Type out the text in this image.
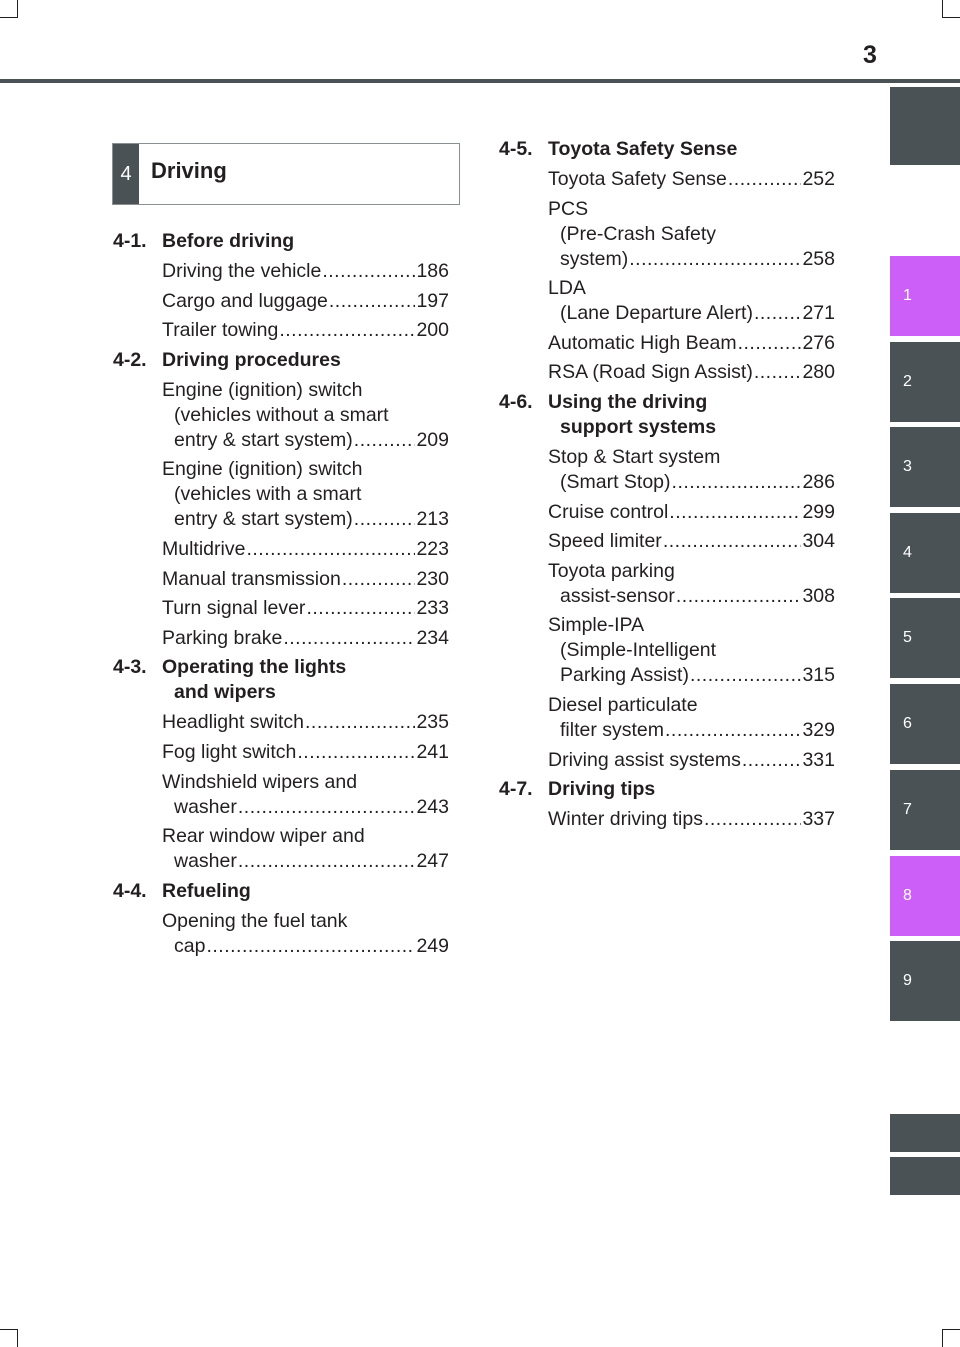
3
1
2
3
4
5
6
7
8
9
4 Driving
4-1. Before driving
Driving the vehicle .....	186
Cargo and luggage .....	197
Trailer towing .....	200
4-2. Driving procedures
Engine (ignition) switch
(vehicles without a smart
entry & start system) .....	209
Engine (ignition) switch
(vehicles with a smart
entry & start system) .....	213
Multidrive .....	223
Manual transmission .....	230
Turn signal lever .....	233
Parking brake .....	234
4-3. Operating the lights
and wipers
Headlight switch .....	235
Fog light switch .....	241
Windshield wipers and
washer .....	243
Rear window wiper and
washer .....	247
4-4. Refueling
Opening the fuel tank
cap .....	249
4-5. Toyota Safety Sense
Toyota Safety Sense .....	252
PCS
(Pre-Crash Safety
system) .....	258
LDA
(Lane Departure Alert) .....	271
Automatic High Beam .....	276
RSA (Road Sign Assist) .....	280
4-6. Using the driving
support systems
Stop & Start system
(Smart Stop) .....	286
Cruise control .....	299
Speed limiter .....	304
Toyota parking
assist-sensor .....	308
Simple-IPA
(Simple-Intelligent
Parking Assist) .....	315
Diesel particulate
filter system .....	329
Driving assist systems .....	331
4-7. Driving tips
Winter driving tips .....	337
